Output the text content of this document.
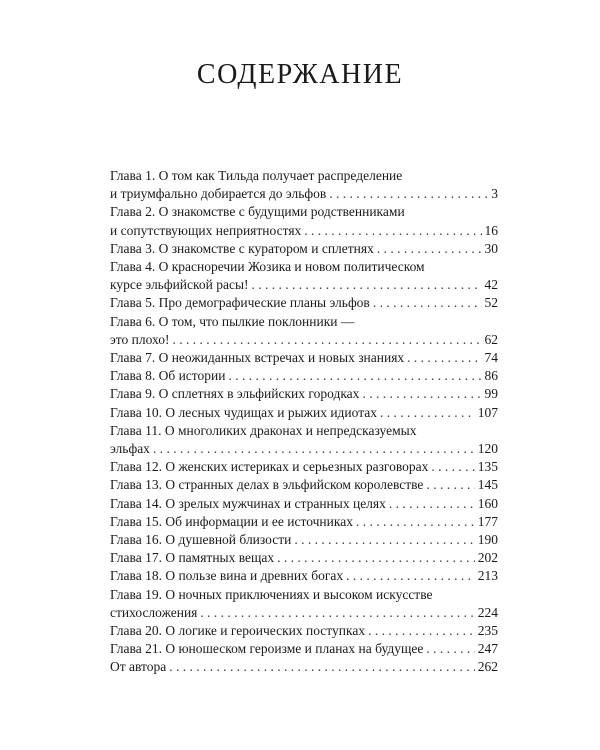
СОДЕРЖАНИЕ
Глава 1. О том как Тильда получает распределение
и триумфально добирается до эльфов . . .	3
Глава 2. О знакомстве с будущими родственниками
и сопутствующих неприятностях . . .	16
Глава 3. О знакомстве с куратором и сплетнях . . .	30
Глава 4. О красноречии Жозика и новом политическом
курсе эльфийской расы! . . .	42
Глава 5. Про демографические планы эльфов . . .	52
Глава 6. О том, что пылкие поклонники —
это плохо! . . .	62
Глава 7. О неожиданных встречах и новых знаниях . . .	74
Глава 8. Об истории . . .	86
Глава 9. О сплетнях в эльфийских городках . . .	99
Глава 10. О лесных чудищах и рыжих идиотах . . .	107
Глава 11. О многоликих драконах и непредсказуемых
эльфах . . .	120
Глава 12. О женских истериках и серьезных разговорах . . .	135
Глава 13. О странных делах в эльфийском королевстве . . .	145
Глава 14. О зрелых мужчинах и странных целях . . .	160
Глава 15. Об информации и ее источниках . . .	177
Глава 16. О душевной близости . . .	190
Глава 17. О памятных вещах . . .	202
Глава 18. О пользе вина и древних богах . . .	213
Глава 19. О ночных приключениях и высоком искусстве
стихосложения . . .	224
Глава 20. О логике и героических поступках . . .	235
Глава 21. О юношеском героизме и планах на будущее . . .	247
От автора . . .	262
